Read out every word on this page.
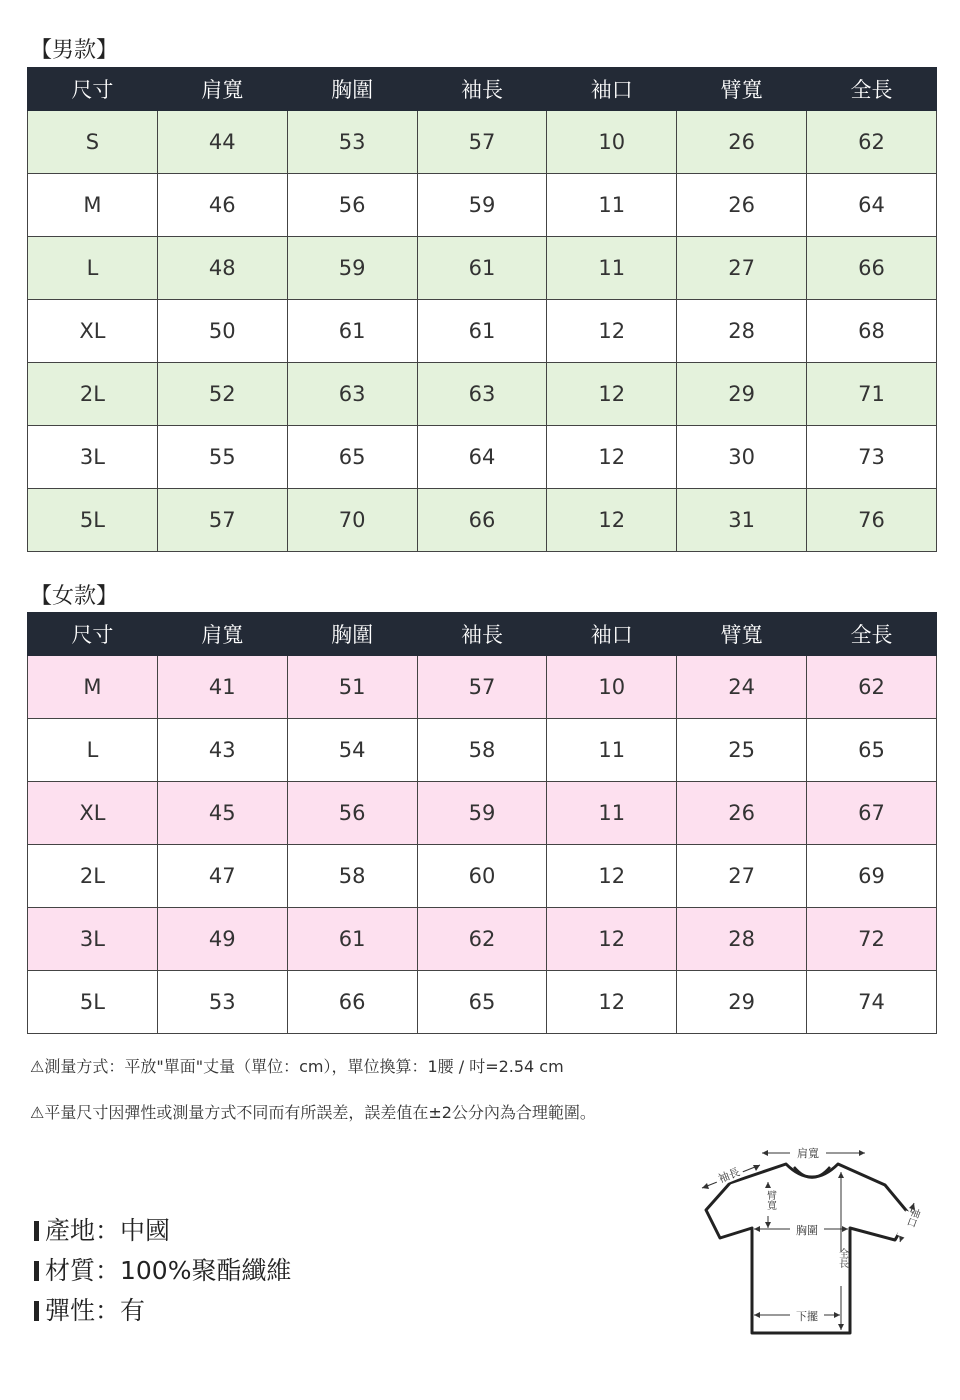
【男款】
尺寸	肩寬	胸圍	袖長	袖口	臂寬	全長
S	44	53	57	10	26	62
M	46	56	59	11	26	64
L	48	59	61	11	27	66
XL	50	61	61	12	28	68
2L	52	63	63	12	29	71
3L	55	65	64	12	30	73
5L	57	70	66	12	31	76
【女款】
尺寸	肩寬	胸圍	袖長	袖口	臂寬	全長
M	41	51	57	10	24	62
L	43	54	58	11	25	65
XL	45	56	59	11	26	67
2L	47	58	60	12	27	69
3L	49	61	62	12	28	72
5L	53	66	65	12	29	74
⚠測量方式：平放"單面"丈量（單位：cm），單位換算：1腰 / 吋=2.54 cm
⚠平量尺寸因彈性或測量方式不同而有所誤差，誤差值在±2公分內為合理範圍。
產地：中國
材質：100%聚酯纖維
彈性：有
肩寬
袖長
臂寬
胸圍
全長
下擺
袖口
